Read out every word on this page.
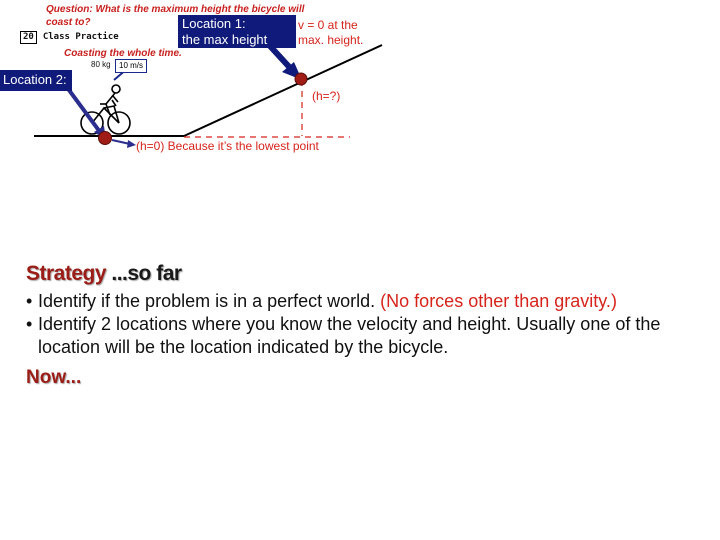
Question: What is the maximum height the bicycle will
coast to?
20 Class Practice
Coasting the whole time.
80 kg	10 m/s
Location 1:
the max height
v = 0 at the
max. height.
Location 2:
(h=?)
(h=0) Because it’s the lowest point
Strategy ...so far
• Identify if the problem is in a perfect world. (No forces other than gravity.)
• Identify 2 locations where you know the velocity and height. Usually one of the location will be the location indicated by the bicycle.
Now...
